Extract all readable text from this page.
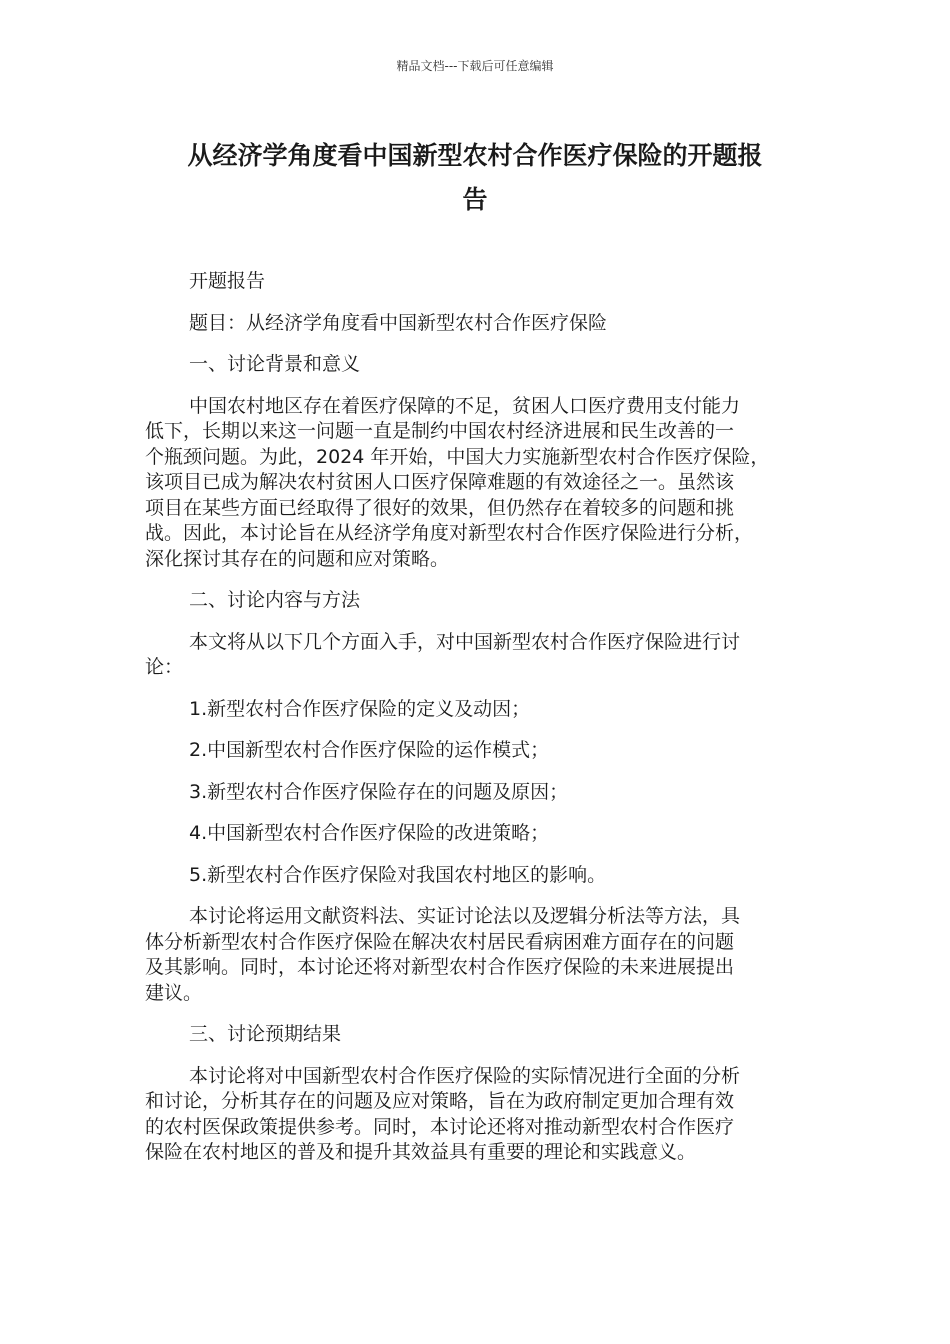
精品文档---下载后可任意编辑
从经济学角度看中国新型农村合作医疗保险的开题报
告

开题报告

题目：从经济学角度看中国新型农村合作医疗保险

一、讨论背景和意义

中国农村地区存在着医疗保障的不足，贫困人口医疗费用支付能力
低下，长期以来这一问题一直是制约中国农村经济进展和民生改善的一
个瓶颈问题。为此，2024 年开始，中国大力实施新型农村合作医疗保险，
该项目已成为解决农村贫困人口医疗保障难题的有效途径之一。虽然该
项目在某些方面已经取得了很好的效果，但仍然存在着较多的问题和挑
战。因此，本讨论旨在从经济学角度对新型农村合作医疗保险进行分析，
深化探讨其存在的问题和应对策略。

二、讨论内容与方法

本文将从以下几个方面入手，对中国新型农村合作医疗保险进行讨
论：

1.新型农村合作医疗保险的定义及动因；

2.中国新型农村合作医疗保险的运作模式；

3.新型农村合作医疗保险存在的问题及原因；

4.中国新型农村合作医疗保险的改进策略；

5.新型农村合作医疗保险对我国农村地区的影响。

本讨论将运用文献资料法、实证讨论法以及逻辑分析法等方法，具
体分析新型农村合作医疗保险在解决农村居民看病困难方面存在的问题
及其影响。同时，本讨论还将对新型农村合作医疗保险的未来进展提出
建议。

三、讨论预期结果

本讨论将对中国新型农村合作医疗保险的实际情况进行全面的分析
和讨论，分析其存在的问题及应对策略，旨在为政府制定更加合理有效
的农村医保政策提供参考。同时，本讨论还将对推动新型农村合作医疗
保险在农村地区的普及和提升其效益具有重要的理论和实践意义。
